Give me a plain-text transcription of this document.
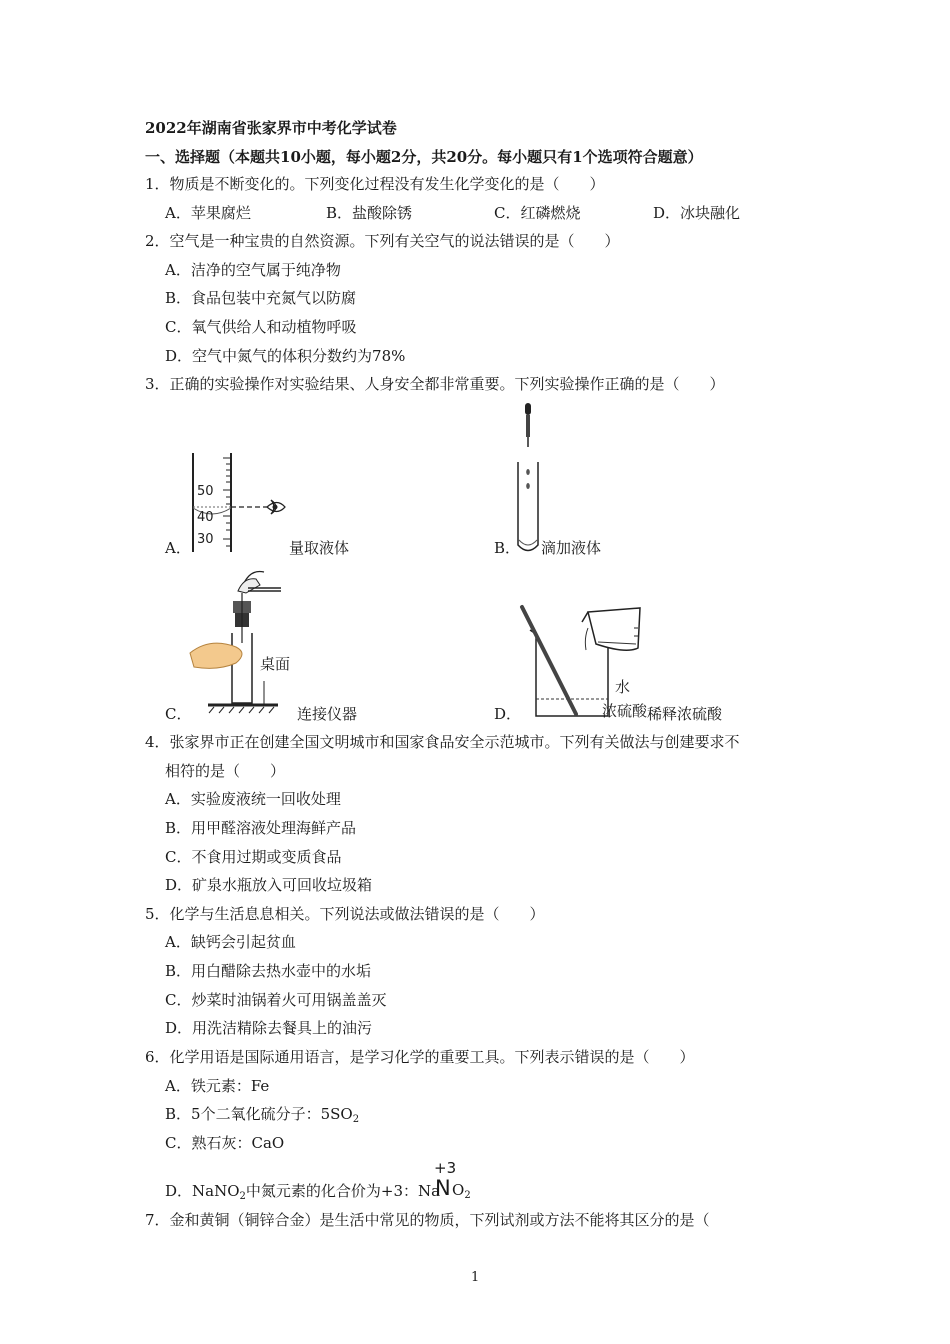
2022年湖南省张家界市中考化学试卷
一、选择题（本题共10小题，每小题2分，共20分。每小题只有1个选项符合题意）
1．物质是不断变化的。下列变化过程没有发生化学变化的是（　　）
A．苹果腐烂	B．盐酸除锈	C．红磷燃烧	D．冰块融化
2．空气是一种宝贵的自然资源。下列有关空气的说法错误的是（　　）
A．洁净的空气属于纯净物
B．食品包装中充氮气以防腐
C．氧气供给人和动植物呼吸
D．空气中氮气的体积分数约为78%
3．正确的实验操作对实验结果、人身安全都非常重要。下列实验操作正确的是（　　）
A．
50
40
30	量取液体	B． 滴加液体
C．
桌面
连接仪器	D．
水
浓硫酸 稀释浓硫酸
4．张家界市正在创建全国文明城市和国家食品安全示范城市。下列有关做法与创建要求不
相符的是（　　）
A．实验废液统一回收处理
B．用甲醛溶液处理海鲜产品
C．不食用过期或变质食品
D．矿泉水瓶放入可回收垃圾箱
5．化学与生活息息相关。下列说法或做法错误的是（　　）
A．缺钙会引起贫血
B．用白醋除去热水壶中的水垢
C．炒菜时油锅着火可用锅盖盖灭
D．用洗洁精除去餐具上的油污
6．化学用语是国际通用语言，是学习化学的重要工具。下列表示错误的是（　　）
A．铁元素：Fe
B．5个二氧化硫分子：$5SO_2$
C．熟石灰：CaO
D．NaNO$_2$中氮元素的化合价为+3：Na
+3
N $O_2$
7．金和黄铜（铜锌合金）是生活中常见的物质，下列试剂或方法不能将其区分的是（
1
